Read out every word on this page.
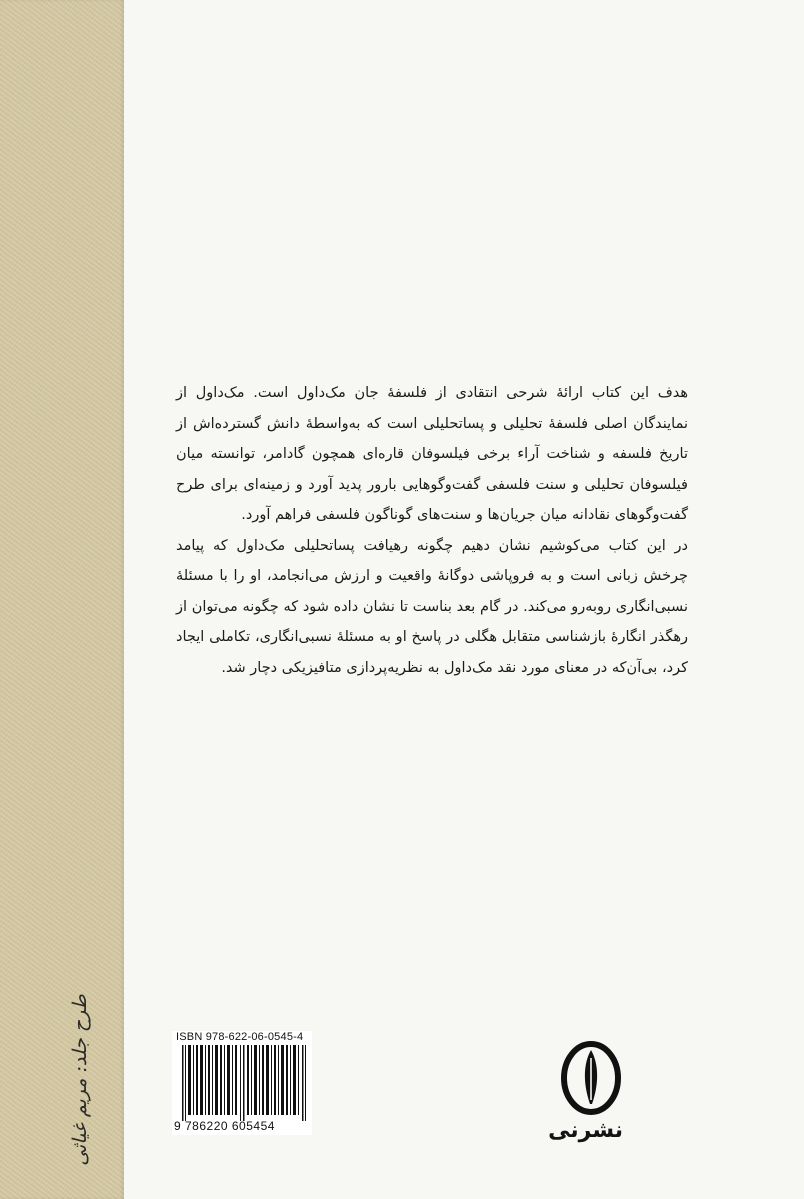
طرح جلد: مریم غیاثی

هدف این کتاب ارائهٔ شرحی انتقادی از فلسفهٔ جان مک‌داول است. مک‌داول از نمایندگان اصلی فلسفهٔ تحلیلی و پساتحلیلی است که به‌واسطهٔ دانش گسترده‌اش از تاریخ فلسفه و شناخت آراء برخی فیلسوفان قاره‌ای همچون گادامر، توانسته میان فیلسوفان تحلیلی و سنت فلسفی گفت‌وگوهایی بارور پدید آورد و زمینه‌ای برای طرح گفت‌وگوهای نقادانه میان جریان‌ها و سنت‌های گوناگون فلسفی فراهم آورد.

در این کتاب می‌کوشیم نشان دهیم چگونه رهیافت پساتحلیلی مک‌داول که پیامد چرخش زبانی است و به فروپاشی دوگانهٔ واقعیت و ارزش می‌انجامد، او را با مسئلهٔ نسبی‌انگاری روبه‌رو می‌کند. در گام بعد بناست تا نشان داده شود که چگونه می‌توان از رهگذر انگارهٔ بازشناسی متقابل هگلی در پاسخ او به مسئلهٔ نسبی‌انگاری، تکاملی ایجاد کرد، بی‌آن‌که در معنای مورد نقد مک‌داول به نظریه‌پردازی متافیزیکی دچار شد.

ISBN 978-622-06-0545-4
9 786220 605454	نشرنی
